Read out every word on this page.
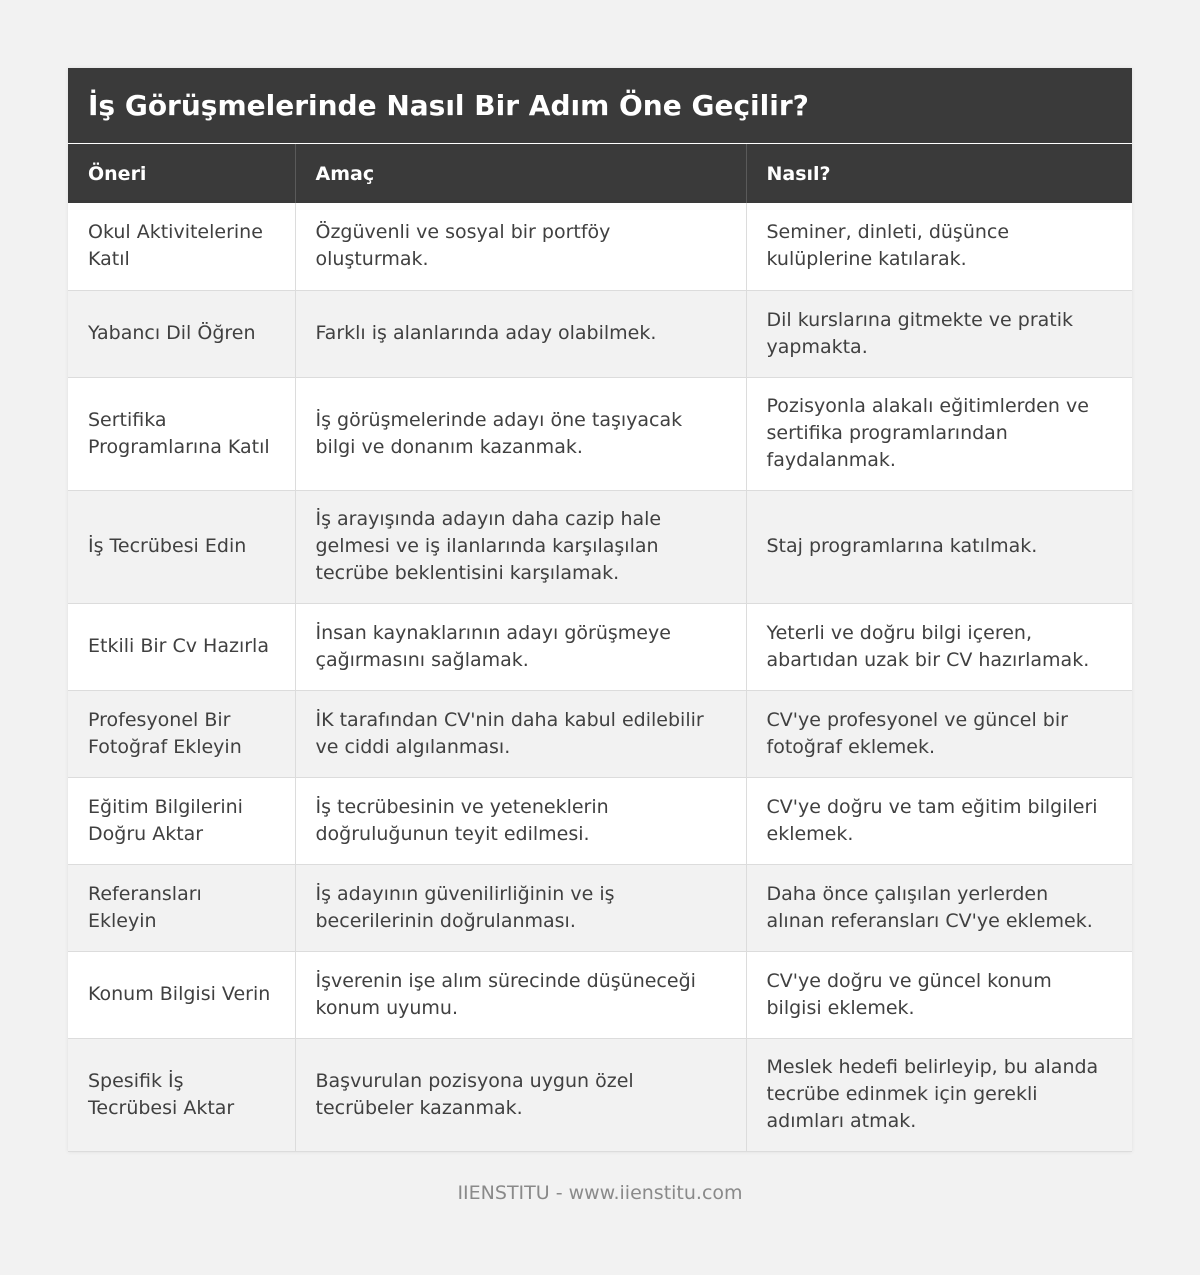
İş Görüşmelerinde Nasıl Bir Adım Öne Geçilir?
Öneri	Amaç	Nasıl?
Okul Aktivitelerine Katıl	Özgüvenli ve sosyal bir portföy oluşturmak.	Seminer, dinleti, düşünce kulüplerine katılarak.
Yabancı Dil Öğren	Farklı iş alanlarında aday olabilmek.	Dil kurslarına gitmekte ve pratik yapmakta.
Sertifika Programlarına Katıl	İş görüşmelerinde adayı öne taşıyacak bilgi ve donanım kazanmak.	Pozisyonla alakalı eğitimlerden ve sertifika programlarından faydalanmak.
İş Tecrübesi Edin	İş arayışında adayın daha cazip hale gelmesi ve iş ilanlarında karşılaşılan tecrübe beklentisini karşılamak.	Staj programlarına katılmak.
Etkili Bir Cv Hazırla	İnsan kaynaklarının adayı görüşmeye çağırmasını sağlamak.	Yeterli ve doğru bilgi içeren, abartıdan uzak bir CV hazırlamak.
Profesyonel Bir Fotoğraf Ekleyin	İK tarafından CV'nin daha kabul edilebilir ve ciddi algılanması.	CV'ye profesyonel ve güncel bir fotoğraf eklemek.
Eğitim Bilgilerini Doğru Aktar	İş tecrübesinin ve yeteneklerin doğruluğunun teyit edilmesi.	CV'ye doğru ve tam eğitim bilgileri eklemek.
Referansları Ekleyin	İş adayının güvenilirliğinin ve iş becerilerinin doğrulanması.	Daha önce çalışılan yerlerden alınan referansları CV'ye eklemek.
Konum Bilgisi Verin	İşverenin işe alım sürecinde düşüneceği konum uyumu.	CV'ye doğru ve güncel konum bilgisi eklemek.
Spesifik İş Tecrübesi Aktar	Başvurulan pozisyona uygun özel tecrübeler kazanmak.	Meslek hedefi belirleyip, bu alanda tecrübe edinmek için gerekli adımları atmak.
IIENSTITU - www.iienstitu.com
